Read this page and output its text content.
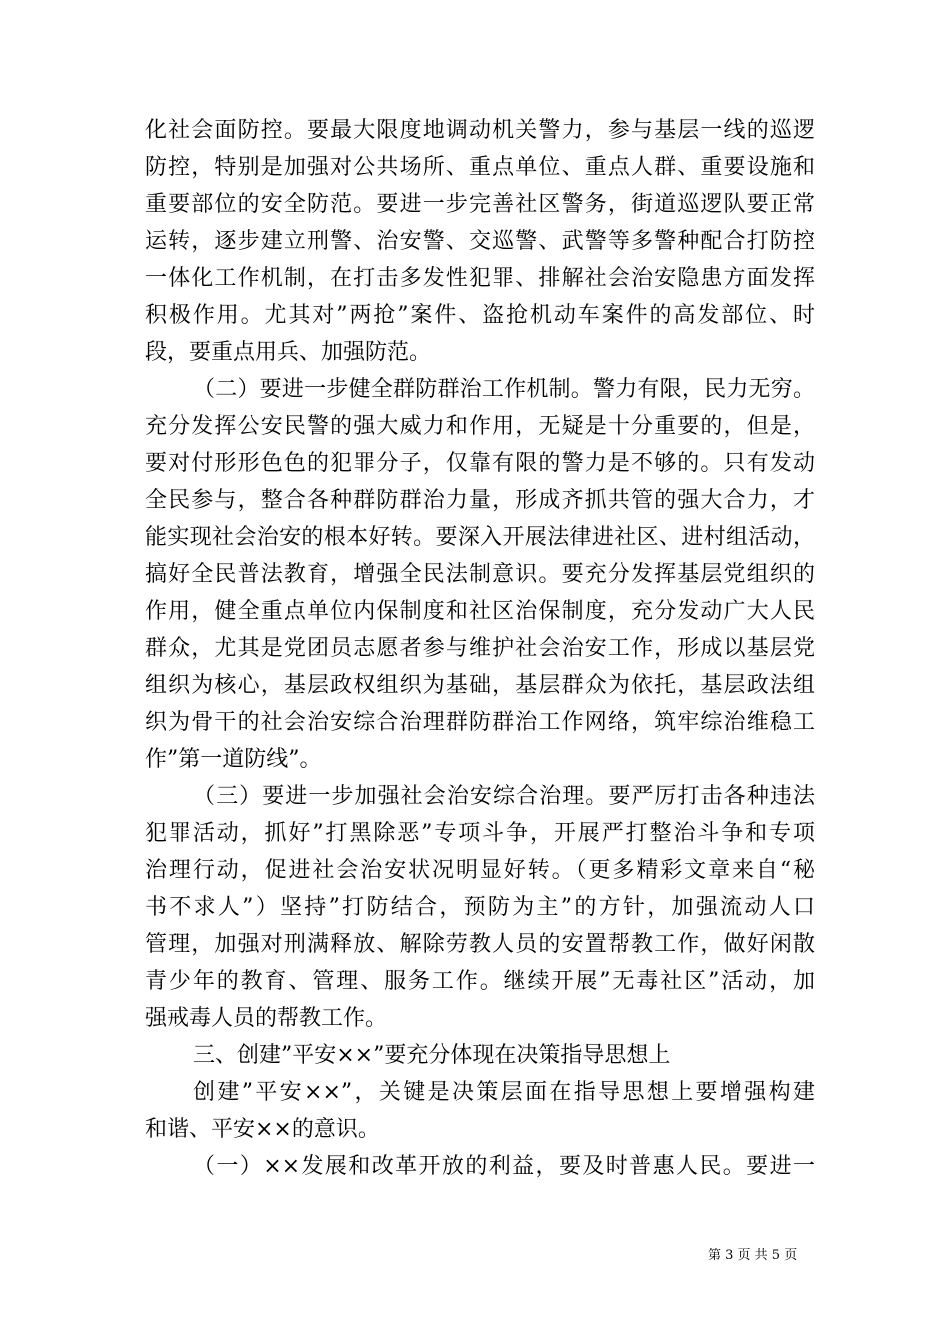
化社会面防控。要最大限度地调动机关警力，参与基层一线的巡逻
防控，特别是加强对公共场所、重点单位、重点人群、重要设施和
重要部位的安全防范。要进一步完善社区警务，街道巡逻队要正常
运转，逐步建立刑警、治安警、交巡警、武警等多警种配合打防控
一体化工作机制，在打击多发性犯罪、排解社会治安隐患方面发挥
积极作用。尤其对”两抢”案件、盗抢机动车案件的高发部位、时
段，要重点用兵、加强防范。
（二）要进一步健全群防群治工作机制。警力有限，民力无穷。
充分发挥公安民警的强大威力和作用，无疑是十分重要的，但是，
要对付形形色色的犯罪分子，仅靠有限的警力是不够的。只有发动
全民参与，整合各种群防群治力量，形成齐抓共管的强大合力，才
能实现社会治安的根本好转。要深入开展法律进社区、进村组活动，
搞好全民普法教育，增强全民法制意识。要充分发挥基层党组织的
作用，健全重点单位内保制度和社区治保制度，充分发动广大人民
群众，尤其是党团员志愿者参与维护社会治安工作，形成以基层党
组织为核心，基层政权组织为基础，基层群众为依托，基层政法组
织为骨干的社会治安综合治理群防群治工作网络，筑牢综治维稳工
作”第一道防线”。
（三）要进一步加强社会治安综合治理。要严厉打击各种违法
犯罪活动，抓好”打黑除恶”专项斗争，开展严打整治斗争和专项
治理行动，促进社会治安状况明显好转。（更多精彩文章来自“秘
书不求人”）坚持”打防结合，预防为主”的方针，加强流动人口
管理，加强对刑满释放、解除劳教人员的安置帮教工作，做好闲散
青少年的教育、管理、服务工作。继续开展”无毒社区”活动，加
强戒毒人员的帮教工作。
三、创建”平安××”要充分体现在决策指导思想上
创建”平安××”，关键是决策层面在指导思想上要增强构建
和谐、平安××的意识。
（一）××发展和改革开放的利益，要及时普惠人民。要进一
第 3 页 共 5 页
